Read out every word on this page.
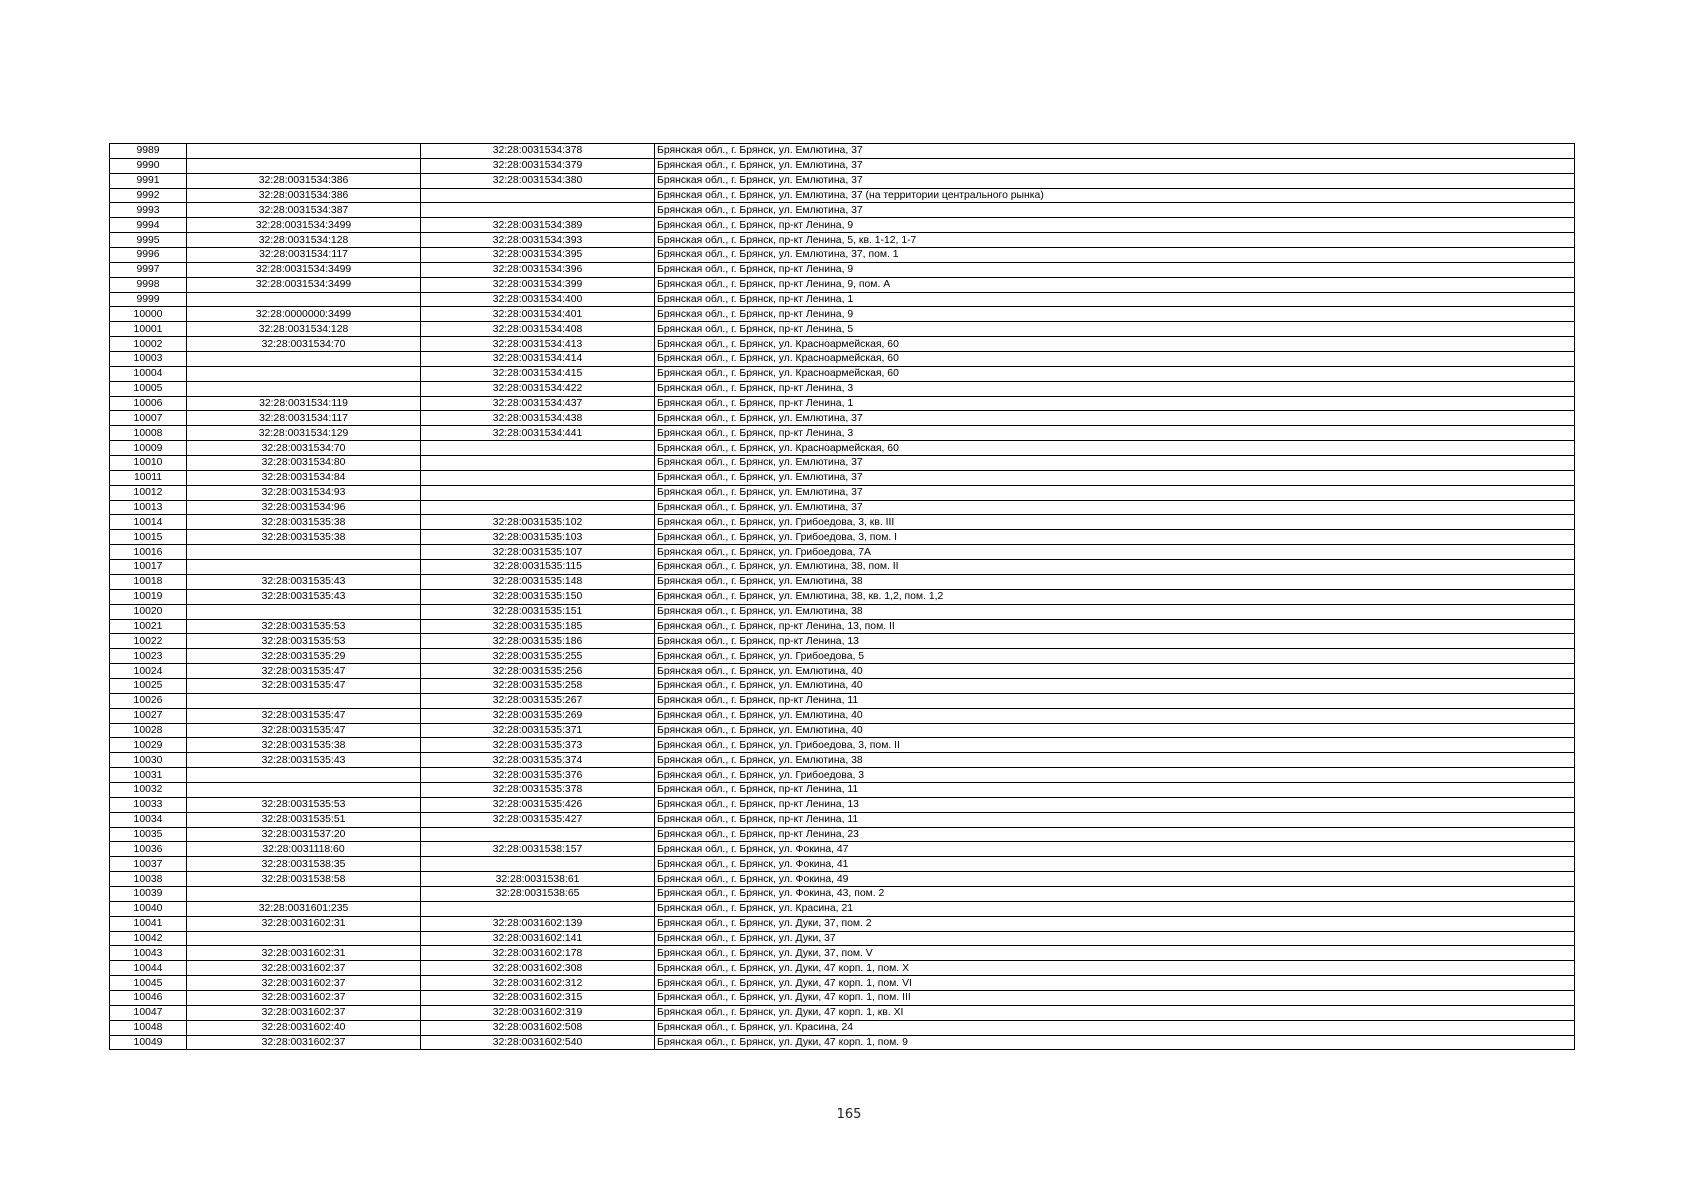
9989		32:28:0031534:378	Брянская обл., г. Брянск, ул. Емлютина, 37
9990		32:28:0031534:379	Брянская обл., г. Брянск, ул. Емлютина, 37
9991	32:28:0031534:386	32:28:0031534:380	Брянская обл., г. Брянск, ул. Емлютина, 37
9992	32:28:0031534:386		Брянская обл., г. Брянск, ул. Емлютина, 37 (на территории центрального рынка)
9993	32:28:0031534:387		Брянская обл., г. Брянск, ул. Емлютина, 37
9994	32:28:0031534:3499	32:28:0031534:389	Брянская обл., г. Брянск, пр-кт Ленина, 9
9995	32:28:0031534:128	32:28:0031534:393	Брянская обл., г. Брянск, пр-кт Ленина, 5, кв. 1-12, 1-7
9996	32:28:0031534:117	32:28:0031534:395	Брянская обл., г. Брянск, ул. Емлютина, 37, пом. 1
9997	32:28:0031534:3499	32:28:0031534:396	Брянская обл., г. Брянск, пр-кт Ленина, 9
9998	32:28:0031534:3499	32:28:0031534:399	Брянская обл., г. Брянск, пр-кт Ленина, 9, пом. А
9999		32:28:0031534:400	Брянская обл., г. Брянск, пр-кт Ленина, 1
10000	32:28:0000000:3499	32:28:0031534:401	Брянская обл., г. Брянск, пр-кт Ленина, 9
10001	32:28:0031534:128	32:28:0031534:408	Брянская обл., г. Брянск, пр-кт Ленина, 5
10002	32:28:0031534:70	32:28:0031534:413	Брянская обл., г. Брянск, ул. Красноармейская, 60
10003		32:28:0031534:414	Брянская обл., г. Брянск, ул. Красноармейская, 60
10004		32:28:0031534:415	Брянская обл., г. Брянск, ул. Красноармейская, 60
10005		32:28:0031534:422	Брянская обл., г. Брянск, пр-кт Ленина, 3
10006	32:28:0031534:119	32:28:0031534:437	Брянская обл., г. Брянск, пр-кт Ленина, 1
10007	32:28:0031534:117	32:28:0031534:438	Брянская обл., г. Брянск, ул. Емлютина, 37
10008	32:28:0031534:129	32:28:0031534:441	Брянская обл., г. Брянск, пр-кт Ленина, 3
10009	32:28:0031534:70		Брянская обл., г. Брянск, ул. Красноармейская, 60
10010	32:28:0031534:80		Брянская обл., г. Брянск, ул. Емлютина, 37
10011	32:28:0031534:84		Брянская обл., г. Брянск, ул. Емлютина, 37
10012	32:28:0031534:93		Брянская обл., г. Брянск, ул. Емлютина, 37
10013	32:28:0031534:96		Брянская обл., г. Брянск, ул. Емлютина, 37
10014	32:28:0031535:38	32:28:0031535:102	Брянская обл., г. Брянск, ул. Грибоедова, 3, кв. III
10015	32:28:0031535:38	32:28:0031535:103	Брянская обл., г. Брянск, ул. Грибоедова, 3, пом. I
10016		32:28:0031535:107	Брянская обл., г. Брянск, ул. Грибоедова, 7А
10017		32:28:0031535:115	Брянская обл., г. Брянск, ул. Емлютина, 38, пом. II
10018	32:28:0031535:43	32:28:0031535:148	Брянская обл., г. Брянск, ул. Емлютина, 38
10019	32:28:0031535:43	32:28:0031535:150	Брянская обл., г. Брянск, ул. Емлютина, 38, кв. 1,2, пом. 1,2
10020		32:28:0031535:151	Брянская обл., г. Брянск, ул. Емлютина, 38
10021	32:28:0031535:53	32:28:0031535:185	Брянская обл., г. Брянск, пр-кт Ленина, 13, пом. II
10022	32:28:0031535:53	32:28:0031535:186	Брянская обл., г. Брянск, пр-кт Ленина, 13
10023	32:28:0031535:29	32:28:0031535:255	Брянская обл., г. Брянск, ул. Грибоедова, 5
10024	32:28:0031535:47	32:28:0031535:256	Брянская обл., г. Брянск, ул. Емлютина, 40
10025	32:28:0031535:47	32:28:0031535:258	Брянская обл., г. Брянск, ул. Емлютина, 40
10026		32:28:0031535:267	Брянская обл., г. Брянск, пр-кт Ленина, 11
10027	32:28:0031535:47	32:28:0031535:269	Брянская обл., г. Брянск, ул. Емлютина, 40
10028	32:28:0031535:47	32:28:0031535:371	Брянская обл., г. Брянск, ул. Емлютина, 40
10029	32:28:0031535:38	32:28:0031535:373	Брянская обл., г. Брянск, ул. Грибоедова, 3, пом. II
10030	32:28:0031535:43	32:28:0031535:374	Брянская обл., г. Брянск, ул. Емлютина, 38
10031		32:28:0031535:376	Брянская обл., г. Брянск, ул. Грибоедова, 3
10032		32:28:0031535:378	Брянская обл., г. Брянск, пр-кт Ленина, 11
10033	32:28:0031535:53	32:28:0031535:426	Брянская обл., г. Брянск, пр-кт Ленина, 13
10034	32:28:0031535:51	32:28:0031535:427	Брянская обл., г. Брянск, пр-кт Ленина, 11
10035	32:28:0031537:20		Брянская обл., г. Брянск, пр-кт Ленина, 23
10036	32:28:0031118:60	32:28:0031538:157	Брянская обл., г. Брянск, ул. Фокина, 47
10037	32:28:0031538:35		Брянская обл., г. Брянск, ул. Фокина, 41
10038	32:28:0031538:58	32:28:0031538:61	Брянская обл., г. Брянск, ул. Фокина, 49
10039		32:28:0031538:65	Брянская обл., г. Брянск, ул. Фокина, 43, пом. 2
10040	32:28:0031601:235		Брянская обл., г. Брянск, ул. Красина, 21
10041	32:28:0031602:31	32:28:0031602:139	Брянская обл., г. Брянск, ул. Дуки, 37, пом. 2
10042		32:28:0031602:141	Брянская обл., г. Брянск, ул. Дуки, 37
10043	32:28:0031602:31	32:28:0031602:178	Брянская обл., г. Брянск, ул. Дуки, 37, пом. V
10044	32:28:0031602:37	32:28:0031602:308	Брянская обл., г. Брянск, ул. Дуки, 47 корп. 1, пом. X
10045	32:28:0031602:37	32:28:0031602:312	Брянская обл., г. Брянск, ул. Дуки, 47 корп. 1, пом. VI
10046	32:28:0031602:37	32:28:0031602:315	Брянская обл., г. Брянск, ул. Дуки, 47 корп. 1, пом. III
10047	32:28:0031602:37	32:28:0031602:319	Брянская обл., г. Брянск, ул. Дуки, 47 корп. 1, кв. XI
10048	32:28:0031602:40	32:28:0031602:508	Брянская обл., г. Брянск, ул. Красина, 24
10049	32:28:0031602:37	32:28:0031602:540	Брянская обл., г. Брянск, ул. Дуки, 47 корп. 1, пом. 9
165
